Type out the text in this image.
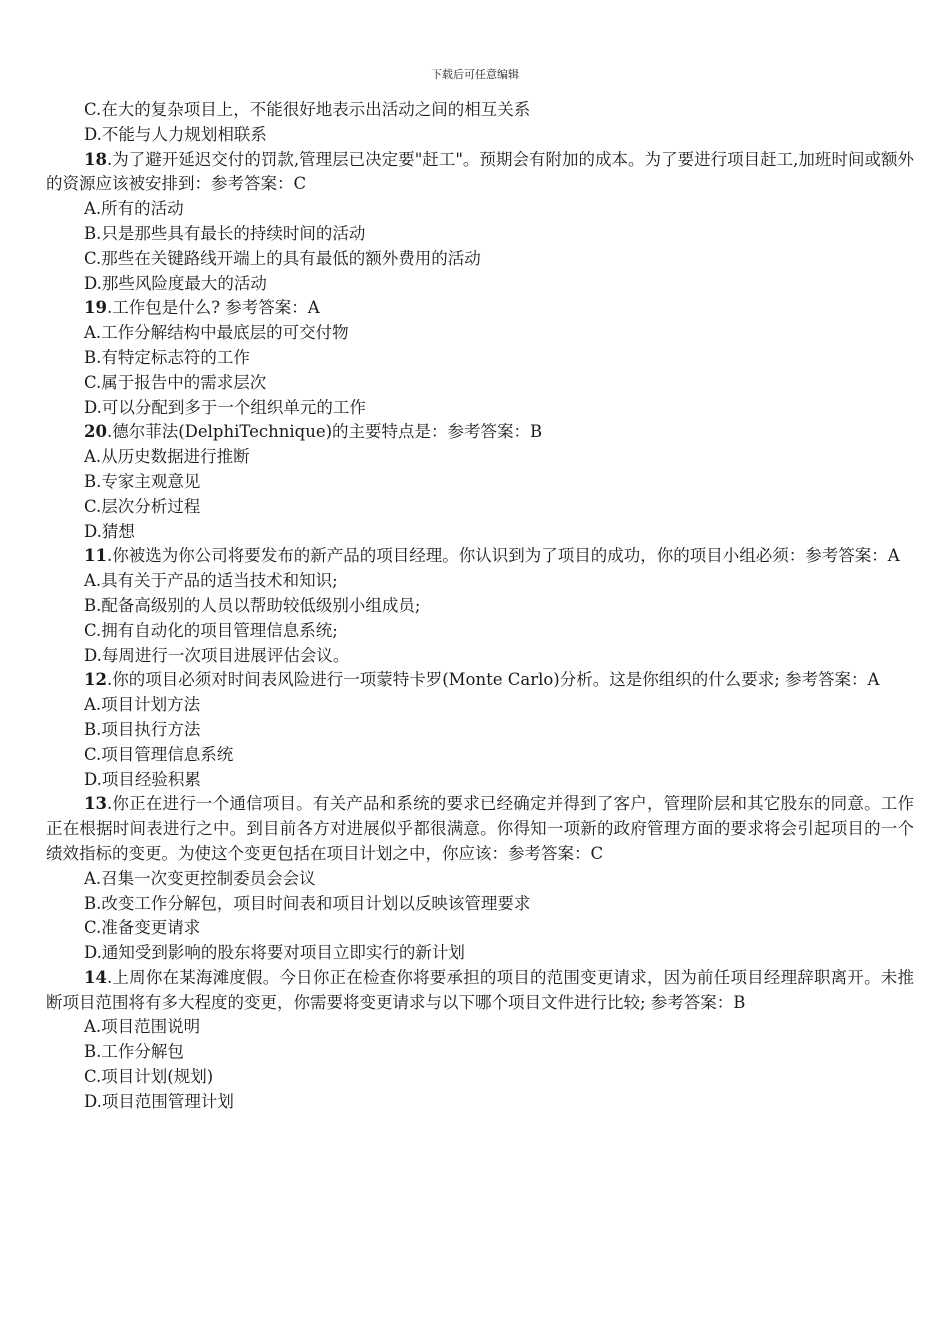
下载后可任意编辑

C.在大的复杂项目上，不能很好地表示出活动之间的相互关系

D.不能与人力规划相联系

18.为了避开延迟交付的罚款,管理层已决定要"赶工"。预期会有附加的成本。为了要进行项目赶工,加班时间或额外的资源应该被安排到：参考答案：C

A.所有的活动

B.只是那些具有最长的持续时间的活动

C.那些在关键路线开端上的具有最低的额外费用的活动

D.那些风险度最大的活动

19.工作包是什么? 参考答案：A

A.工作分解结构中最底层的可交付物

B.有特定标志符的工作

C.属于报告中的需求层次

D.可以分配到多于一个组织单元的工作

20.德尔菲法(DelphiTechnique)的主要特点是：参考答案：B

A.从历史数据进行推断

B.专家主观意见

C.层次分析过程

D.猜想

11.你被选为你公司将要发布的新产品的项目经理。你认识到为了项目的成功，你的项目小组必须：参考答案：A

A.具有关于产品的适当技术和知识;

B.配备高级别的人员以帮助较低级别小组成员;

C.拥有自动化的项目管理信息系统;

D.每周进行一次项目进展评估会议。

12.你的项目必须对时间表风险进行一项蒙特卡罗(Monte Carlo)分析。这是你组织的什么要求; 参考答案：A

A.项目计划方法

B.项目执行方法

C.项目管理信息系统

D.项目经验积累

13.你正在进行一个通信项目。有关产品和系统的要求已经确定并得到了客户，管理阶层和其它股东的同意。工作正在根据时间表进行之中。到目前各方对进展似乎都很满意。你得知一项新的政府管理方面的要求将会引起项目的一个绩效指标的变更。为使这个变更包括在项目计划之中，你应该：参考答案：C

A.召集一次变更控制委员会会议

B.改变工作分解包，项目时间表和项目计划以反映该管理要求

C.准备变更请求

D.通知受到影响的股东将要对项目立即实行的新计划

14.上周你在某海滩度假。今日你正在检查你将要承担的项目的范围变更请求，因为前任项目经理辞职离开。未推断项目范围将有多大程度的变更，你需要将变更请求与以下哪个项目文件进行比较; 参考答案：B

A.项目范围说明

B.工作分解包

C.项目计划(规划)

D.项目范围管理计划
